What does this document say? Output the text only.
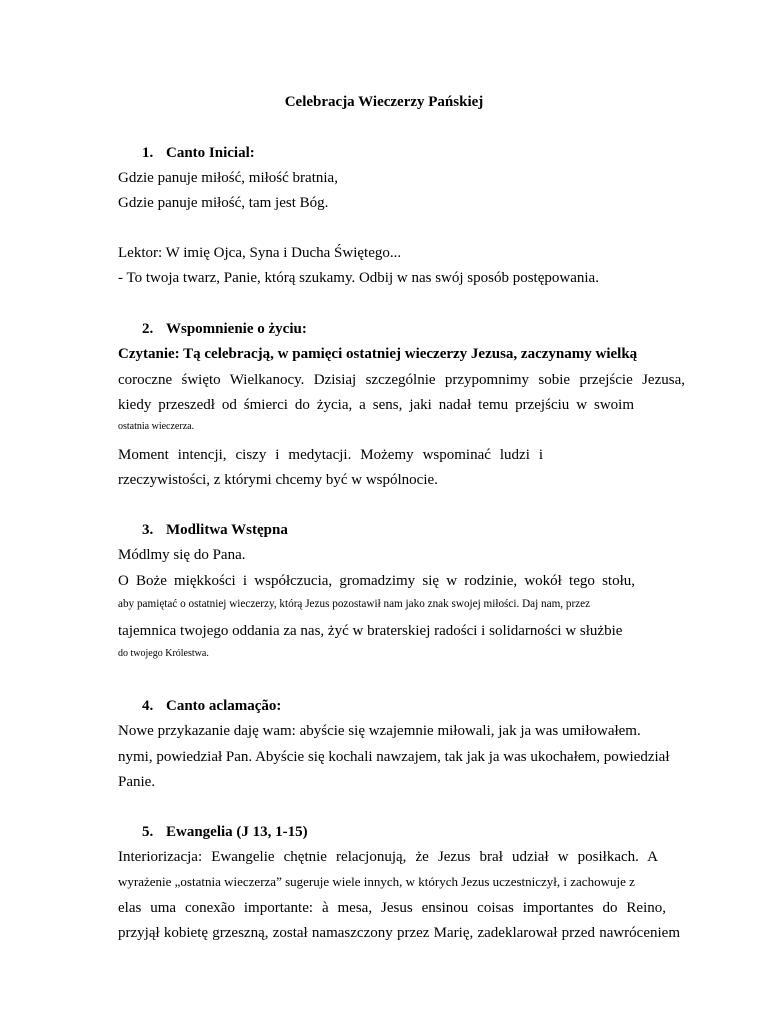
Celebracja Wieczerzy Pańskiej
1. Canto Inicial:
Gdzie panuje miłość, miłość bratnia,
Gdzie panuje miłość, tam jest Bóg.
Lektor: W imię Ojca, Syna i Ducha Świętego...
- To twoja twarz, Panie, którą szukamy. Odbij w nas swój sposób postępowania.
2. Wspomnienie o życiu:
Czytanie: Tą celebracją, w pamięci ostatniej wieczerzy Jezusa, zaczynamy wielką
coroczne święto Wielkanocy. Dzisiaj szczególnie przypomnimy sobie przejście Jezusa,
kiedy przeszedł od śmierci do życia, a sens, jaki nadał temu przejściu w swoim
ostatnia wieczerza.
Moment intencji, ciszy i medytacji. Możemy wspominać ludzi i
rzeczywistości, z którymi chcemy być w wspólnocie.
3. Modlitwa Wstępna
Módlmy się do Pana.
O Boże miękkości i współczucia, gromadzimy się w rodzinie, wokół tego stołu,
aby pamiętać o ostatniej wieczerzy, którą Jezus pozostawił nam jako znak swojej miłości. Daj nam, przez
tajemnica twojego oddania za nas, żyć w braterskiej radości i solidarności w służbie
do twojego Królestwa.
4. Canto aclamação:
Nowe przykazanie daję wam: abyście się wzajemnie miłowali, jak ja was umiłowałem.
nymi, powiedział Pan. Abyście się kochali nawzajem, tak jak ja was ukochałem, powiedział
Panie.
5. Ewangelia (J 13, 1-15)
Interiorizacja: Ewangelie chętnie relacjonują, że Jezus brał udział w posiłkach. A
wyrażenie „ostatnia wieczerza” sugeruje wiele innych, w których Jezus uczestniczył, i zachowuje z
elas uma conexão importante: à mesa, Jesus ensinou coisas importantes do Reino,
przyjął kobietę grzeszną, został namaszczony przez Marię, zadeklarował przed nawróceniem
